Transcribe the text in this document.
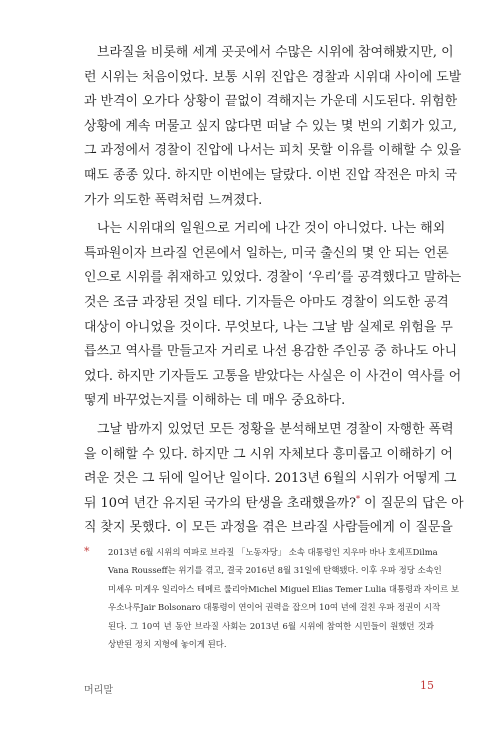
브라질을 비롯해 세계 곳곳에서 수많은 시위에 참여해봤지만, 이
런 시위는 처음이었다. 보통 시위 진압은 경찰과 시위대 사이에 도발
과 반격이 오가다 상황이 끝없이 격해지는 가운데 시도된다. 위험한
상황에 계속 머물고 싶지 않다면 떠날 수 있는 몇 번의 기회가 있고,
그 과정에서 경찰이 진압에 나서는 피치 못할 이유를 이해할 수 있을
때도 종종 있다. 하지만 이번에는 달랐다. 이번 진압 작전은 마치 국
가가 의도한 폭력처럼 느껴졌다.
나는 시위대의 일원으로 거리에 나간 것이 아니었다. 나는 해외
특파원이자 브라질 언론에서 일하는, 미국 출신의 몇 안 되는 언론
인으로 시위를 취재하고 있었다. 경찰이 ‘우리’를 공격했다고 말하는
것은 조금 과장된 것일 테다. 기자들은 아마도 경찰이 의도한 공격
대상이 아니었을 것이다. 무엇보다, 나는 그날 밤 실제로 위험을 무
릅쓰고 역사를 만들고자 거리로 나선 용감한 주인공 중 하나도 아니
었다. 하지만 기자들도 고통을 받았다는 사실은 이 사건이 역사를 어
떻게 바꾸었는지를 이해하는 데 매우 중요하다.
그날 밤까지 있었던 모든 정황을 분석해보면 경찰이 자행한 폭력
을 이해할 수 있다. 하지만 그 시위 자체보다 흥미롭고 이해하기 어
려운 것은 그 뒤에 일어난 일이다. 2013년 6월의 시위가 어떻게 그
뒤 10여 년간 유지된 국가의 탄생을 초래했을까?* 이 질문의 답은 아
직 찾지 못했다. 이 모든 과정을 겪은 브라질 사람들에게 이 질문을
* 2013년 6월 시위의 여파로 브라질 「노동자당」 소속 대통령인 지우마 바나 호세프Dilma
Vana Rousseff는 위기를 겪고, 결국 2016년 8월 31일에 탄핵됐다. 이후 우파 정당 소속인
미셰우 미게우 일리아스 테메르 룰리아Michel Miguel Elias Temer Lulia 대통령과 자이르 보
우소나루Jair Bolsonaro 대통령이 연이어 권력을 잡으며 10여 년에 걸친 우파 정권이 시작
된다. 그 10여 년 동안 브라질 사회는 2013년 6월 시위에 참여한 시민들이 원했던 것과
상반된 정치 지형에 놓이게 된다.
머리말	15
